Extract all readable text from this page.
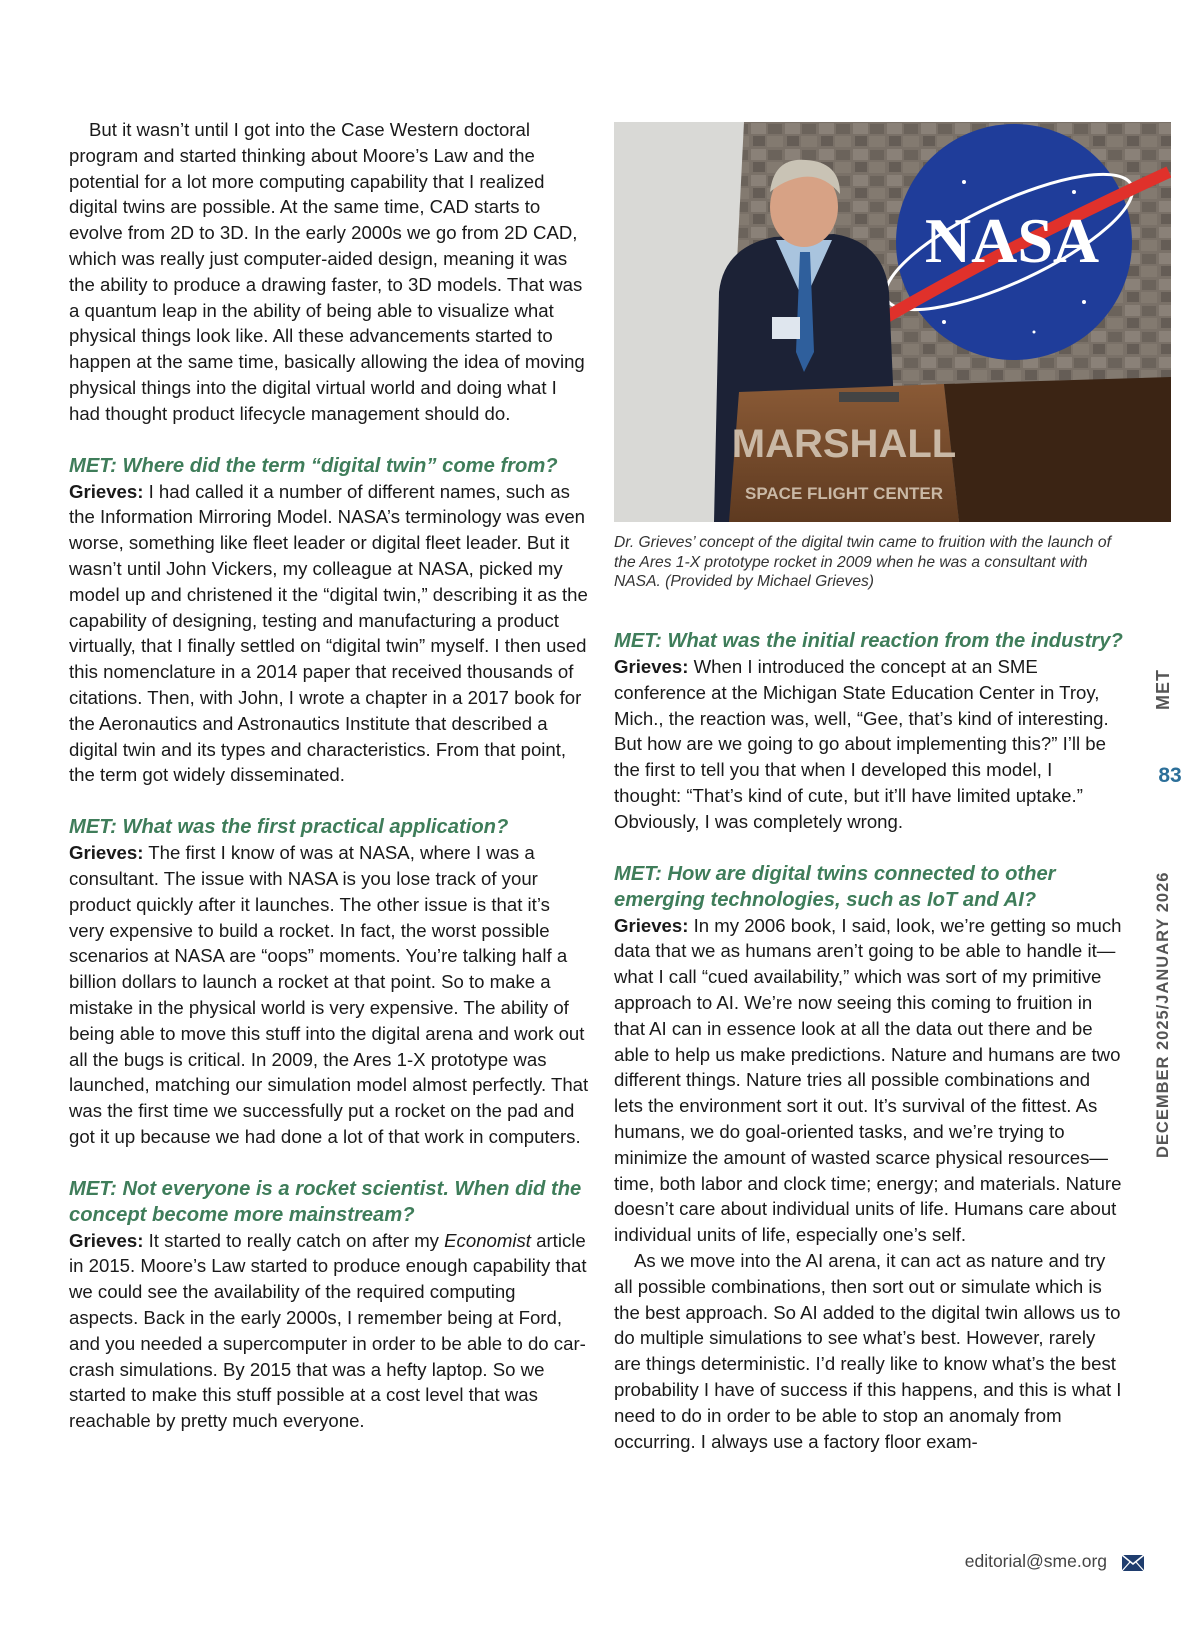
But it wasn’t until I got into the Case Western doctoral program and started thinking about Moore’s Law and the potential for a lot more computing capability that I realized digital twins are possible. At the same time, CAD starts to evolve from 2D to 3D. In the early 2000s we go from 2D CAD, which was really just computer-aided design, meaning it was the ability to produce a drawing faster, to 3D models. That was a quantum leap in the ability of being able to visualize what physical things look like. All these advancements started to happen at the same time, basically allowing the idea of moving physical things into the digital virtual world and doing what I had thought product lifecycle management should do.

MET: Where did the term “digital twin” come from?

Grieves: I had called it a number of different names, such as the Information Mirroring Model. NASA’s terminology was even worse, something like fleet leader or digital fleet leader. But it wasn’t until John Vickers, my colleague at NASA, picked my model up and christened it the “digital twin,” describing it as the capability of designing, testing and manufacturing a product virtually, that I finally settled on “digital twin” myself. I then used this nomenclature in a 2014 paper that received thousands of citations. Then, with John, I wrote a chapter in a 2017 book for the Aeronautics and Astronautics Institute that described a digital twin and its types and characteristics. From that point, the term got widely disseminated.

MET: What was the first practical application?

Grieves: The first I know of was at NASA, where I was a consultant. The issue with NASA is you lose track of your product quickly after it launches. The other issue is that it’s very expensive to build a rocket. In fact, the worst possible scenarios at NASA are “oops” moments. You’re talking half a billion dollars to launch a rocket at that point. So to make a mistake in the physical world is very expensive. The ability of being able to move this stuff into the digital arena and work out all the bugs is critical. In 2009, the Ares 1-X prototype was launched, matching our simulation model almost perfectly. That was the first time we successfully put a rocket on the pad and got it up because we had done a lot of that work in computers.

MET: Not everyone is a rocket scientist. When did the concept become more mainstream?

Grieves: It started to really catch on after my Economist article in 2015. Moore’s Law started to produce enough capability that we could see the availability of the required computing aspects. Back in the early 2000s, I remember being at Ford, and you needed a supercomputer in order to be able to do car-crash simulations. By 2015 that was a hefty laptop. So we started to make this stuff possible at a cost level that was reachable by pretty much everyone.

NASA
MARSHALL
SPACE FLIGHT CENTER

Dr. Grieves’ concept of the digital twin came to fruition with the launch of the Ares 1-X prototype rocket in 2009 when he was a consultant with NASA. (Provided by Michael Grieves)

MET: What was the initial reaction from the industry?

Grieves: When I introduced the concept at an SME conference at the Michigan State Education Center in Troy, Mich., the reaction was, well, “Gee, that’s kind of interesting. But how are we going to go about implementing this?” I’ll be the first to tell you that when I developed this model, I thought: “That’s kind of cute, but it’ll have limited uptake.” Obviously, I was completely wrong.

MET: How are digital twins connected to other emerging technologies, such as IoT and AI?

Grieves: In my 2006 book, I said, look, we’re getting so much data that we as humans aren’t going to be able to handle it—what I call “cued availability,” which was sort of my primitive approach to AI. We’re now seeing this coming to fruition in that AI can in essence look at all the data out there and be able to help us make predictions. Nature and humans are two different things. Nature tries all possible combinations and lets the environment sort it out. It’s survival of the fittest. As humans, we do goal-oriented tasks, and we’re trying to minimize the amount of wasted scarce physical resources—time, both labor and clock time; energy; and materials. Nature doesn’t care about individual units of life. Humans care about individual units of life, especially one’s self.

As we move into the AI arena, it can act as nature and try all possible combinations, then sort out or simulate which is the best approach. So AI added to the digital twin allows us to do multiple simulations to see what’s best. However, rarely are things deterministic. I’d really like to know what’s the best probability I have of success if this happens, and this is what I need to do in order to be able to stop an anomaly from occurring. I always use a factory floor exam-

MET
83
DECEMBER 2025/JANUARY 2026
editorial@sme.org
